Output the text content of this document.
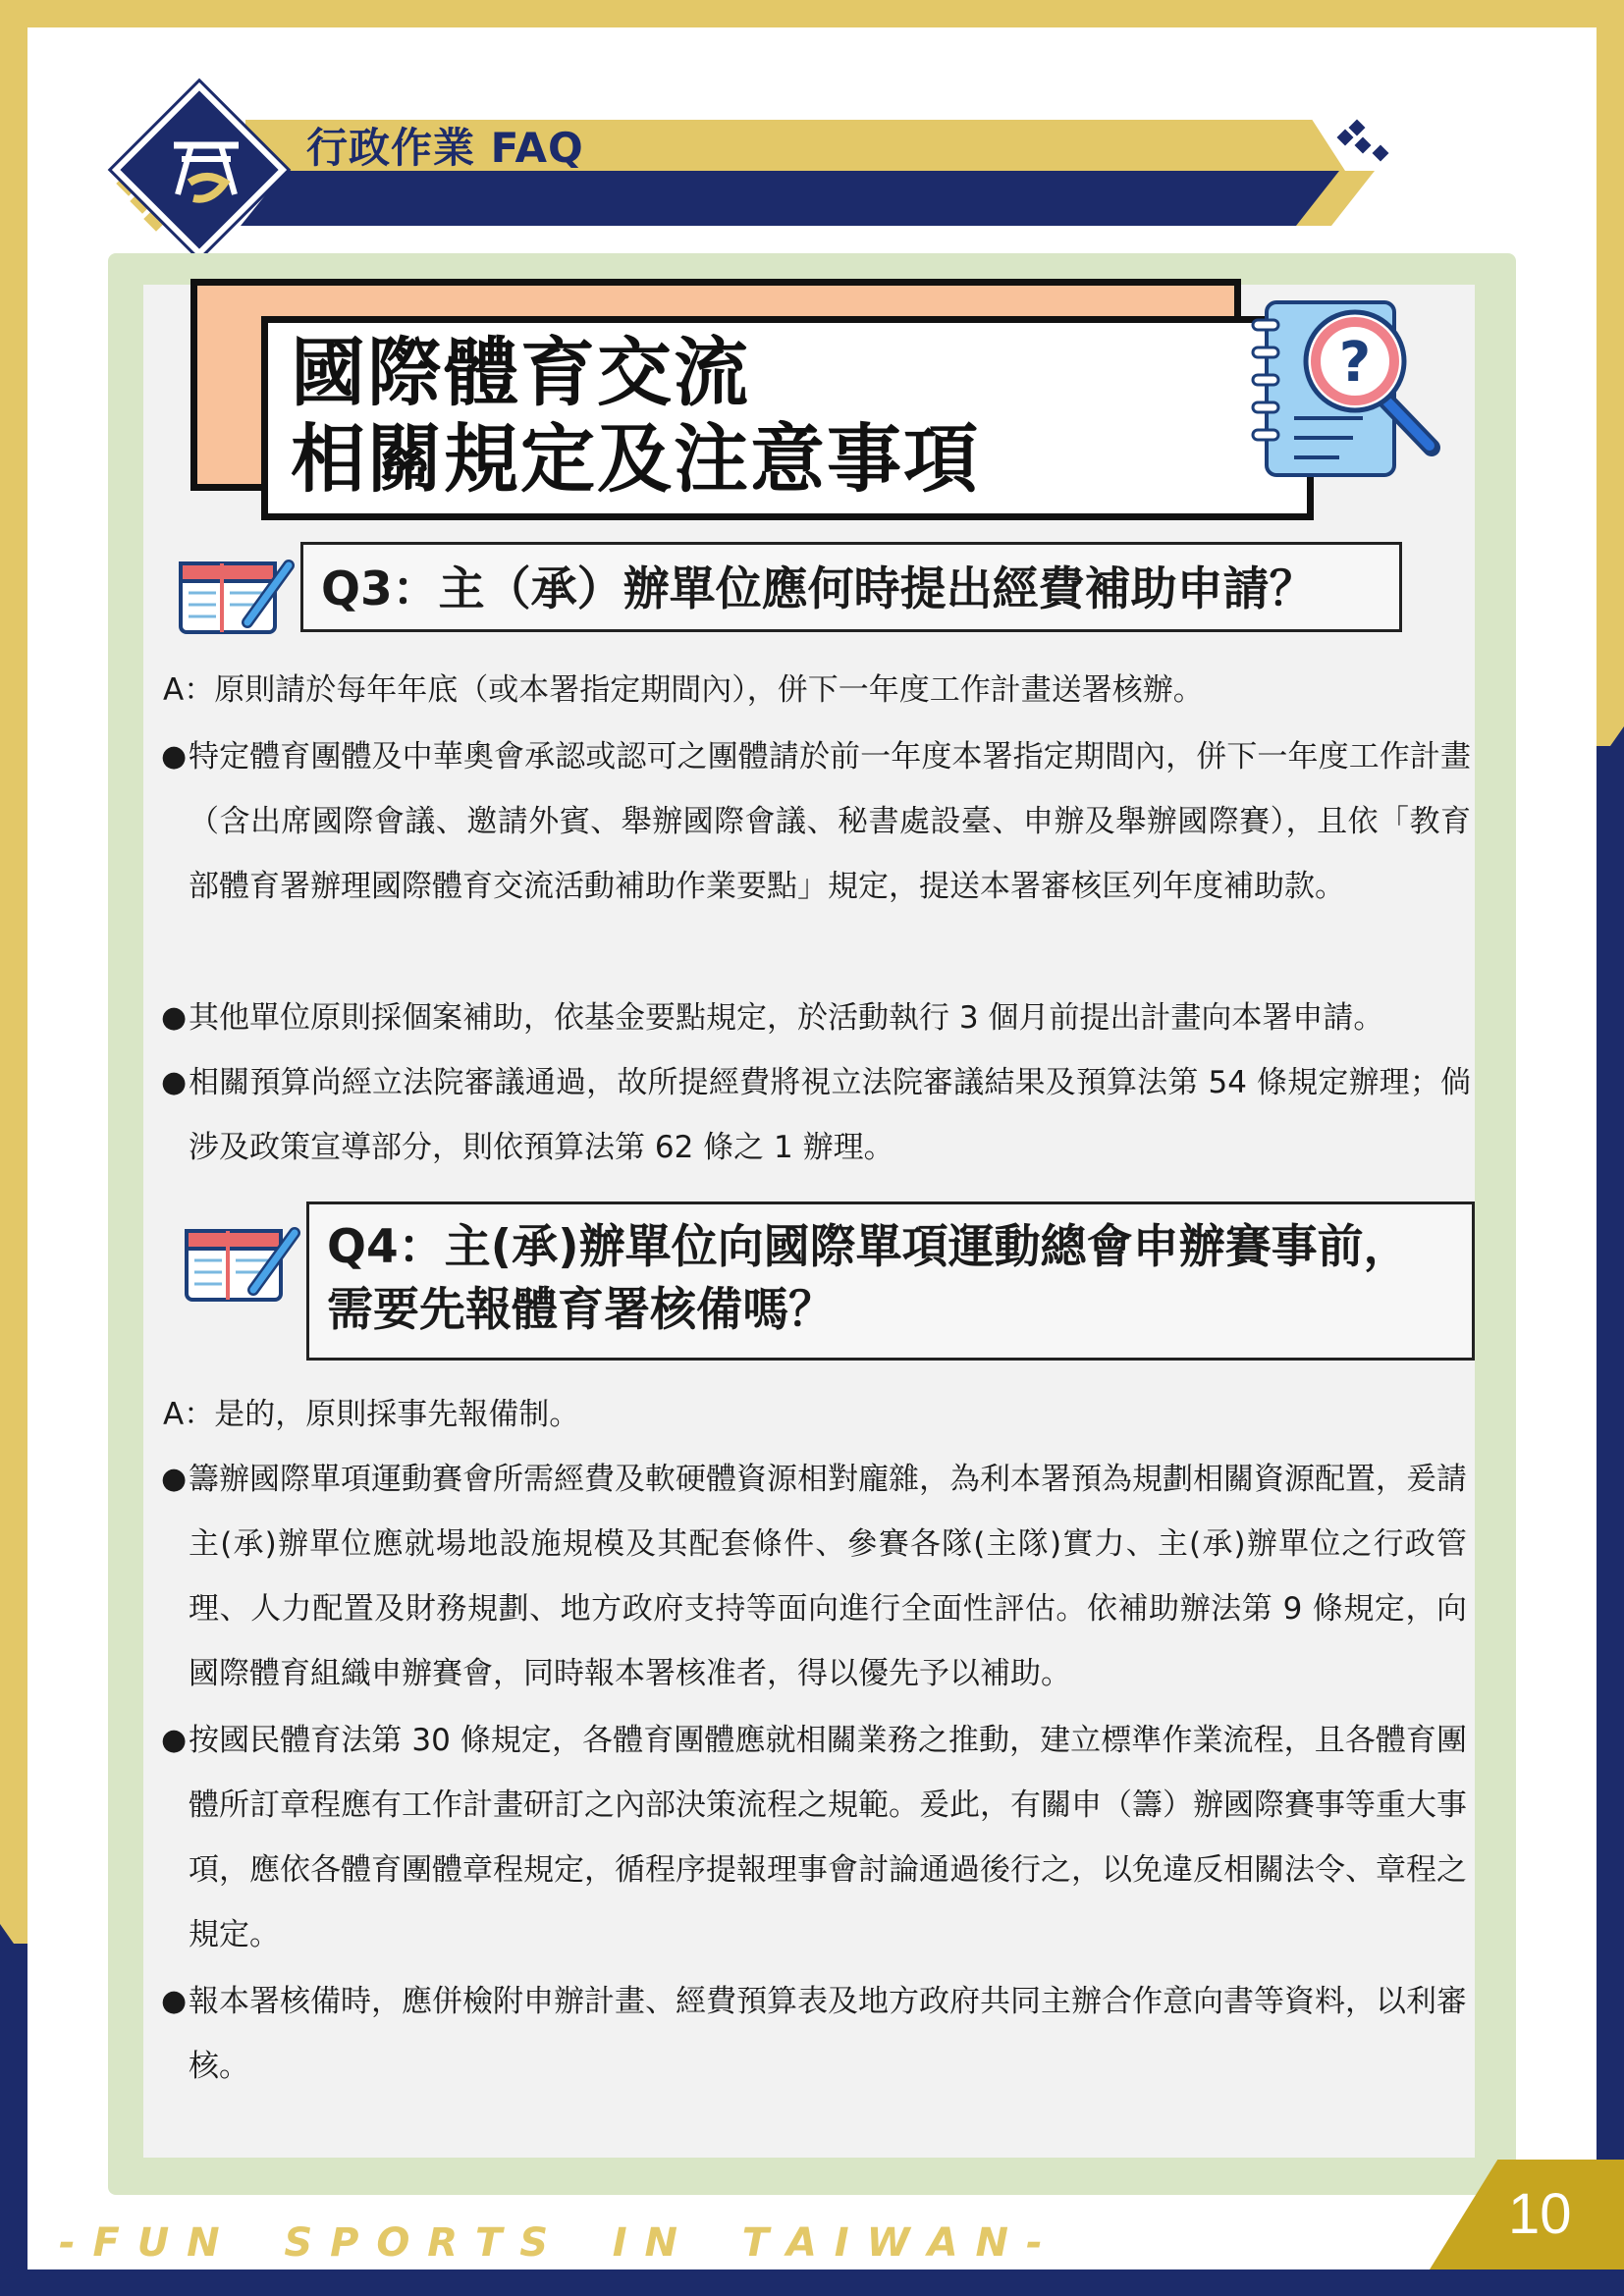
行政作業 FAQ
國際體育交流
相關規定及注意事項
?
Q3：主（承）辦單位應何時提出經費補助申請？
A：原則請於每年年底（或本署指定期間內），併下一年度工作計畫送署核辦。
● 特定體育團體及中華奧會承認或認可之團體請於前一年度本署指定期間內，併下一年度工作計畫（含出席國際會議、邀請外賓、舉辦國際會議、秘書處設臺、申辦及舉辦國際賽），且依「教育部體育署辦理國際體育交流活動補助作業要點」規定，提送本署審核匡列年度補助款。
● 其他單位原則採個案補助，依基金要點規定，於活動執行 3 個月前提出計畫向本署申請。
● 相關預算尚經立法院審議通過，故所提經費將視立法院審議結果及預算法第 54 條規定辦理；倘涉及政策宣導部分，則依預算法第 62 條之 1 辦理。
Q4：主(承)辦單位向國際單項運動總會申辦賽事前，
需要先報體育署核備嗎？
A：是的，原則採事先報備制。
● 籌辦國際單項運動賽會所需經費及軟硬體資源相對龐雜，為利本署預為規劃相關資源配置，爰請主(承)辦單位應就場地設施規模及其配套條件、參賽各隊(主隊)實力、主(承)辦單位之行政管理、人力配置及財務規劃、地方政府支持等面向進行全面性評估。依補助辦法第 9 條規定，向國際體育組織申辦賽會，同時報本署核准者，得以優先予以補助。
● 按國民體育法第 30 條規定，各體育團體應就相關業務之推動，建立標準作業流程，且各體育團體所訂章程應有工作計畫研訂之內部決策流程之規範。爰此，有關申（籌）辦國際賽事等重大事項，應依各體育團體章程規定，循程序提報理事會討論通過後行之，以免違反相關法令、章程之規定。
● 報本署核備時，應併檢附申辦計畫、經費預算表及地方政府共同主辦合作意向書等資料，以利審核。
- F U N    S P O R T S    I N    T A I W A N -	10
